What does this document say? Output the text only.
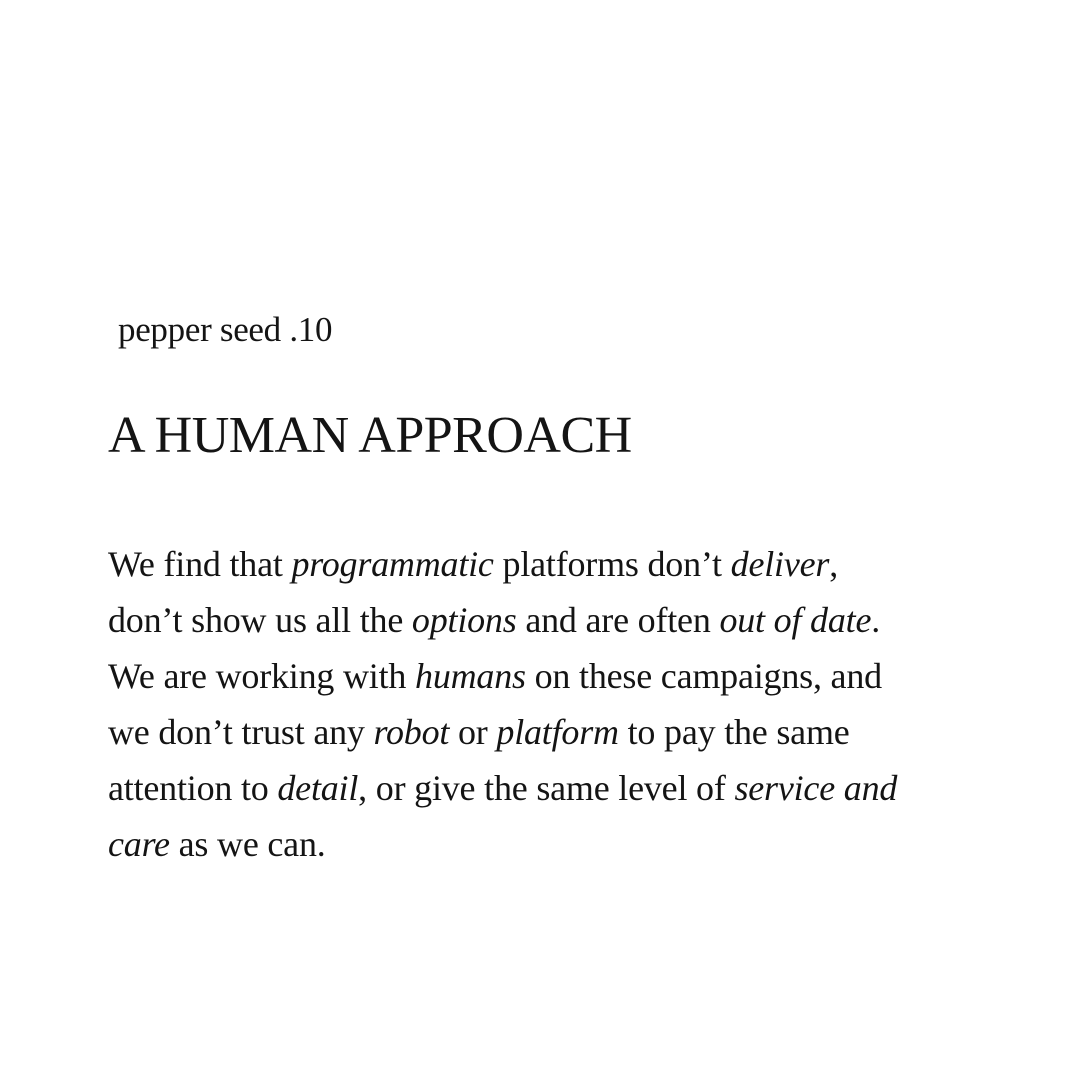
pepper seed .10

A HUMAN APPROACH

We find that programmatic platforms don’t deliver,
don’t show us all the options and are often out of date.
We are working with humans on these campaigns, and
we don’t trust any robot or platform to pay the same
attention to detail, or give the same level of service and
care as we can.
